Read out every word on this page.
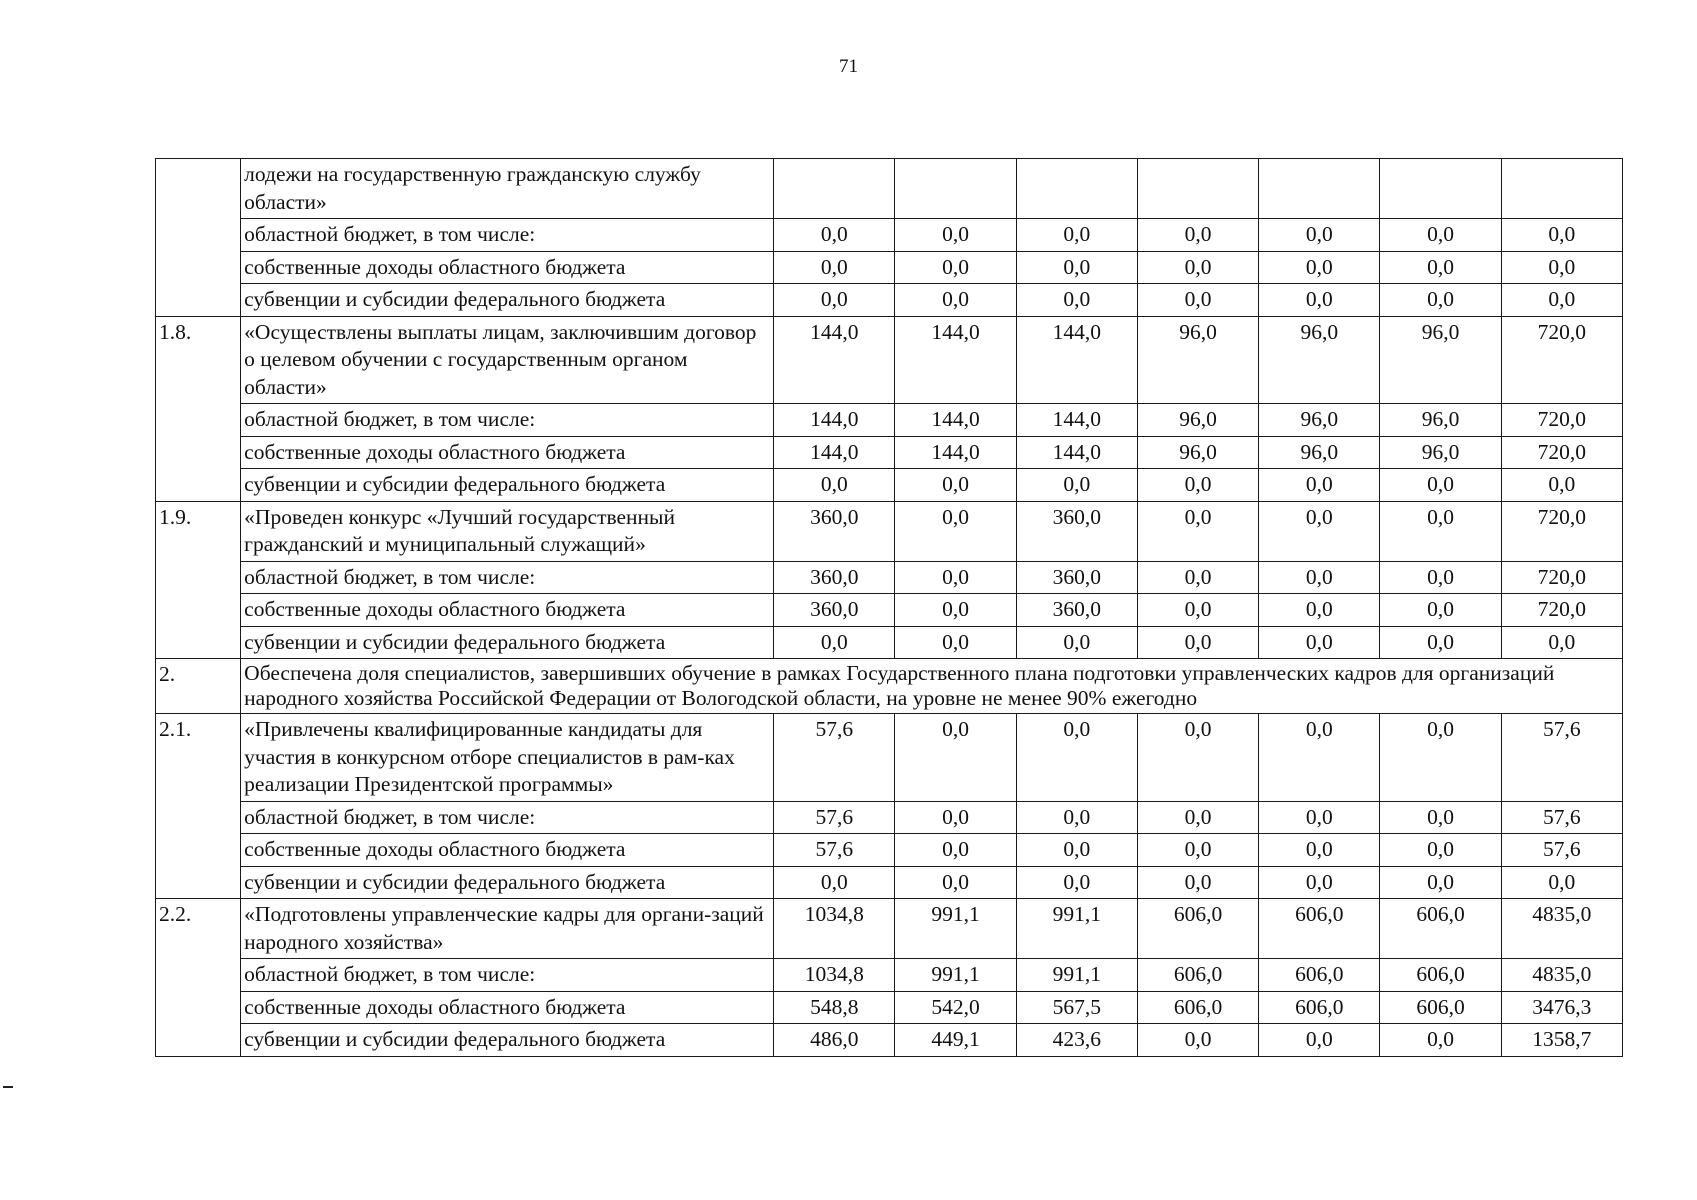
71
	лодежи на государственную гражданскую службу области»							
	областной бюджет, в том числе:	0,0	0,0	0,0	0,0	0,0	0,0	0,0
	собственные доходы областного бюджета	0,0	0,0	0,0	0,0	0,0	0,0	0,0
	субвенции и субсидии федерального бюджета	0,0	0,0	0,0	0,0	0,0	0,0	0,0
1.8.	«Осуществлены выплаты лицам, заключившим договор о целевом обучении с государственным органом области»	144,0	144,0	144,0	96,0	96,0	96,0	720,0
	областной бюджет, в том числе:	144,0	144,0	144,0	96,0	96,0	96,0	720,0
	собственные доходы областного бюджета	144,0	144,0	144,0	96,0	96,0	96,0	720,0
	субвенции и субсидии федерального бюджета	0,0	0,0	0,0	0,0	0,0	0,0	0,0
1.9.	«Проведен конкурс «Лучший государственный гражданский и муниципальный служащий»	360,0	0,0	360,0	0,0	0,0	0,0	720,0
	областной бюджет, в том числе:	360,0	0,0	360,0	0,0	0,0	0,0	720,0
	собственные доходы областного бюджета	360,0	0,0	360,0	0,0	0,0	0,0	720,0
	субвенции и субсидии федерального бюджета	0,0	0,0	0,0	0,0	0,0	0,0	0,0
2.	Обеспечена доля специалистов, завершивших обучение в рамках Государственного плана подготовки управленческих кадров для организаций народного хозяйства Российской Федерации от Вологодской области, на уровне не менее 90% ежегодно							
2.1.	«Привлечены квалифицированные кандидаты для участия в конкурсном отборе специалистов в рам-ках реализации Президентской программы»	57,6	0,0	0,0	0,0	0,0	0,0	57,6
	областной бюджет, в том числе:	57,6	0,0	0,0	0,0	0,0	0,0	57,6
	собственные доходы областного бюджета	57,6	0,0	0,0	0,0	0,0	0,0	57,6
	субвенции и субсидии федерального бюджета	0,0	0,0	0,0	0,0	0,0	0,0	0,0
2.2.	«Подготовлены управленческие кадры для органи-заций народного хозяйства»	1034,8	991,1	991,1	606,0	606,0	606,0	4835,0
	областной бюджет, в том числе:	1034,8	991,1	991,1	606,0	606,0	606,0	4835,0
	собственные доходы областного бюджета	548,8	542,0	567,5	606,0	606,0	606,0	3476,3
	субвенции и субсидии федерального бюджета	486,0	449,1	423,6	0,0	0,0	0,0	1358,7
